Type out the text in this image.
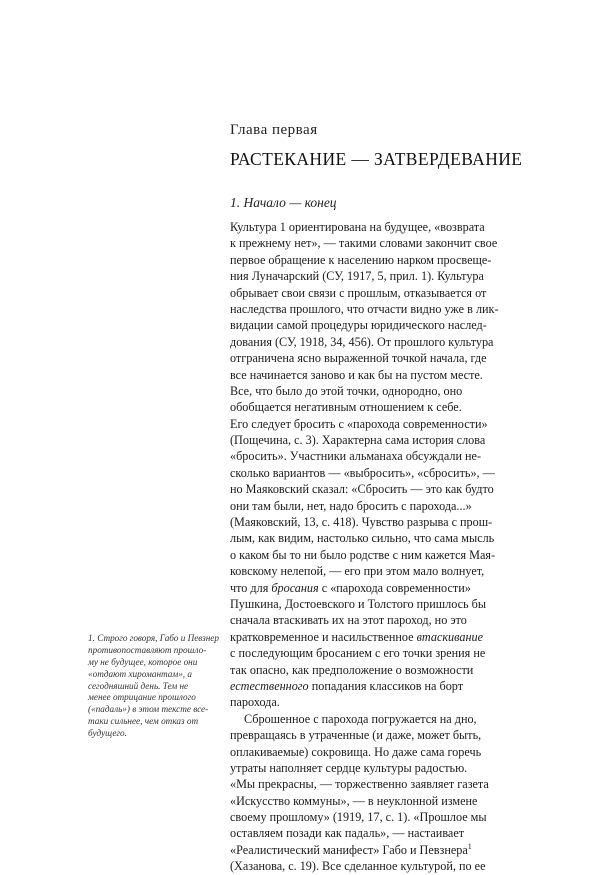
Глава первая
РАСТЕКАНИЕ — ЗАТВЕРДЕВАНИЕ
1. Начало — конец
Культура 1 ориентирована на будущее, «возврата
к прежнему нет», — такими словами закончит свое
первое обращение к населению нарком просвеще-
ния Луначарский (СУ, 1917, 5, прил. 1). Культура
обрывает свои связи с прошлым, отказывается от
наследства прошлого, что отчасти видно уже в лик-
видации самой процедуры юридического наслед-
дования (СУ, 1918, 34, 456). От прошлого культура
отграничена ясно выраженной точкой начала, где
все начинается заново и как бы на пустом месте.
Все, что было до этой точки, однородно, оно
обобщается негативным отношением к себе.
Его следует бросить с «парохода современности»
(Пощечина, с. 3). Характерна сама история слова
«бросить». Участники альманаха обсуждали не-
сколько вариантов — «выбросить», «сбросить», —
но Маяковский сказал: «Сбросить — это как будто
они там были, нет, надо бросить с парохода...»
(Маяковский, 13, с. 418). Чувство разрыва с прош-
лым, как видим, настолько сильно, что сама мысль
о каком бы то ни было родстве с ним кажется Мая-
ковскому нелепой, — его при этом мало волнует,
что для бросания с «парохода современности»
Пушкина, Достоевского и Толстого пришлось бы
сначала втаскивать их на этот пароход, но это
кратковременное и насильственное втаскивание
с последующим бросанием с его точки зрения не
так опасно, как предположение о возможности
естественного попадания классиков на борт
парохода.
Сброшенное с парохода погружается на дно,
превращаясь в утраченные (и даже, может быть,
оплакиваемые) сокровища. Но даже сама горечь
утраты наполняет сердце культуры радостью.
«Мы прекрасны, — торжественно заявляет газета
«Искусство коммуны», — в неуклонной измене
своему прошлому» (1919, 17, с. 1). «Прошлое мы
оставляем позади как падаль», — настаивает
«Реалистический манифест» Габо и Певзнера$^1$
(Хазанова, с. 19). Все сделанное культурой, по ее
1. Строго говоря, Габо и Певзнер
противопоставляют прошло-
му не будущее, которое они
«отдают хиромантам», а
сегодняшний день. Тем не
менее отрицание прошлого
(«падаль») в этом тексте все-
таки сильнее, чем отказ от
будущего.
